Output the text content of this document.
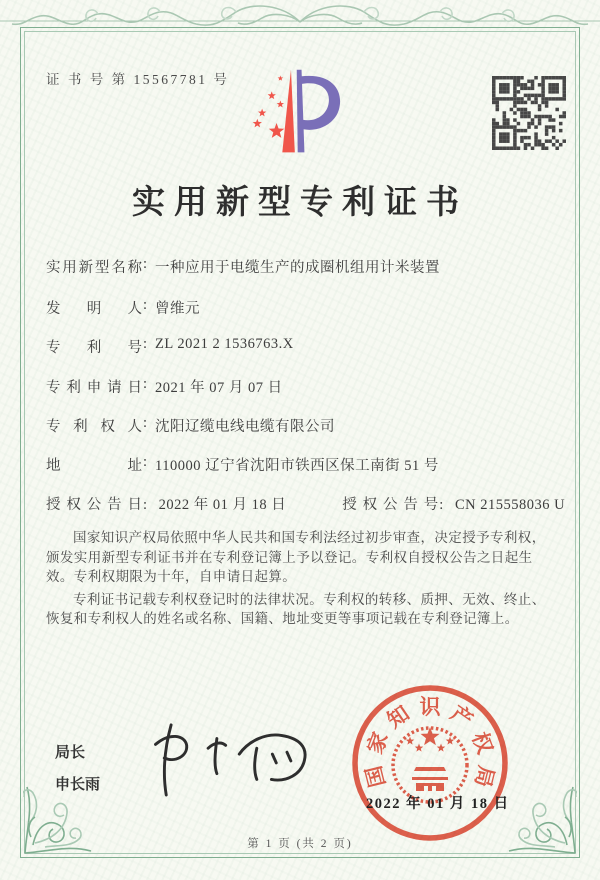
证 书 号 第 15567781 号
实用新型专利证书
实用新型名称 : 一种应用于电缆生产的成圈机组用计米装置
发明人 : 曾维元
专利号 : ZL 2021 2 1536763.X
专利申请日 : 2021 年 07 月 07 日
专利权人 : 沈阳辽缆电线电缆有限公司
地址 : 110000 辽宁省沈阳市铁西区保工南街 51 号
授权公告日: 2022 年 01 月 18 日	授权公告号: CN 215558036 U

国家知识产权局依照中华人民共和国专利法经过初步审查，决定授予专利权，颁发实用新型专利证书并在专利登记簿上予以登记。专利权自授权公告之日起生效。专利权期限为十年，自申请日起算。

专利证书记载专利权登记时的法律状况。专利权的转移、质押、无效、终止、恢复和专利权人的姓名或名称、国籍、地址变更等事项记载在专利登记簿上。

局长
申长雨	国
家
知 识 产
权
局
2022 年 01 月 18 日
第 1 页 (共 2 页)
